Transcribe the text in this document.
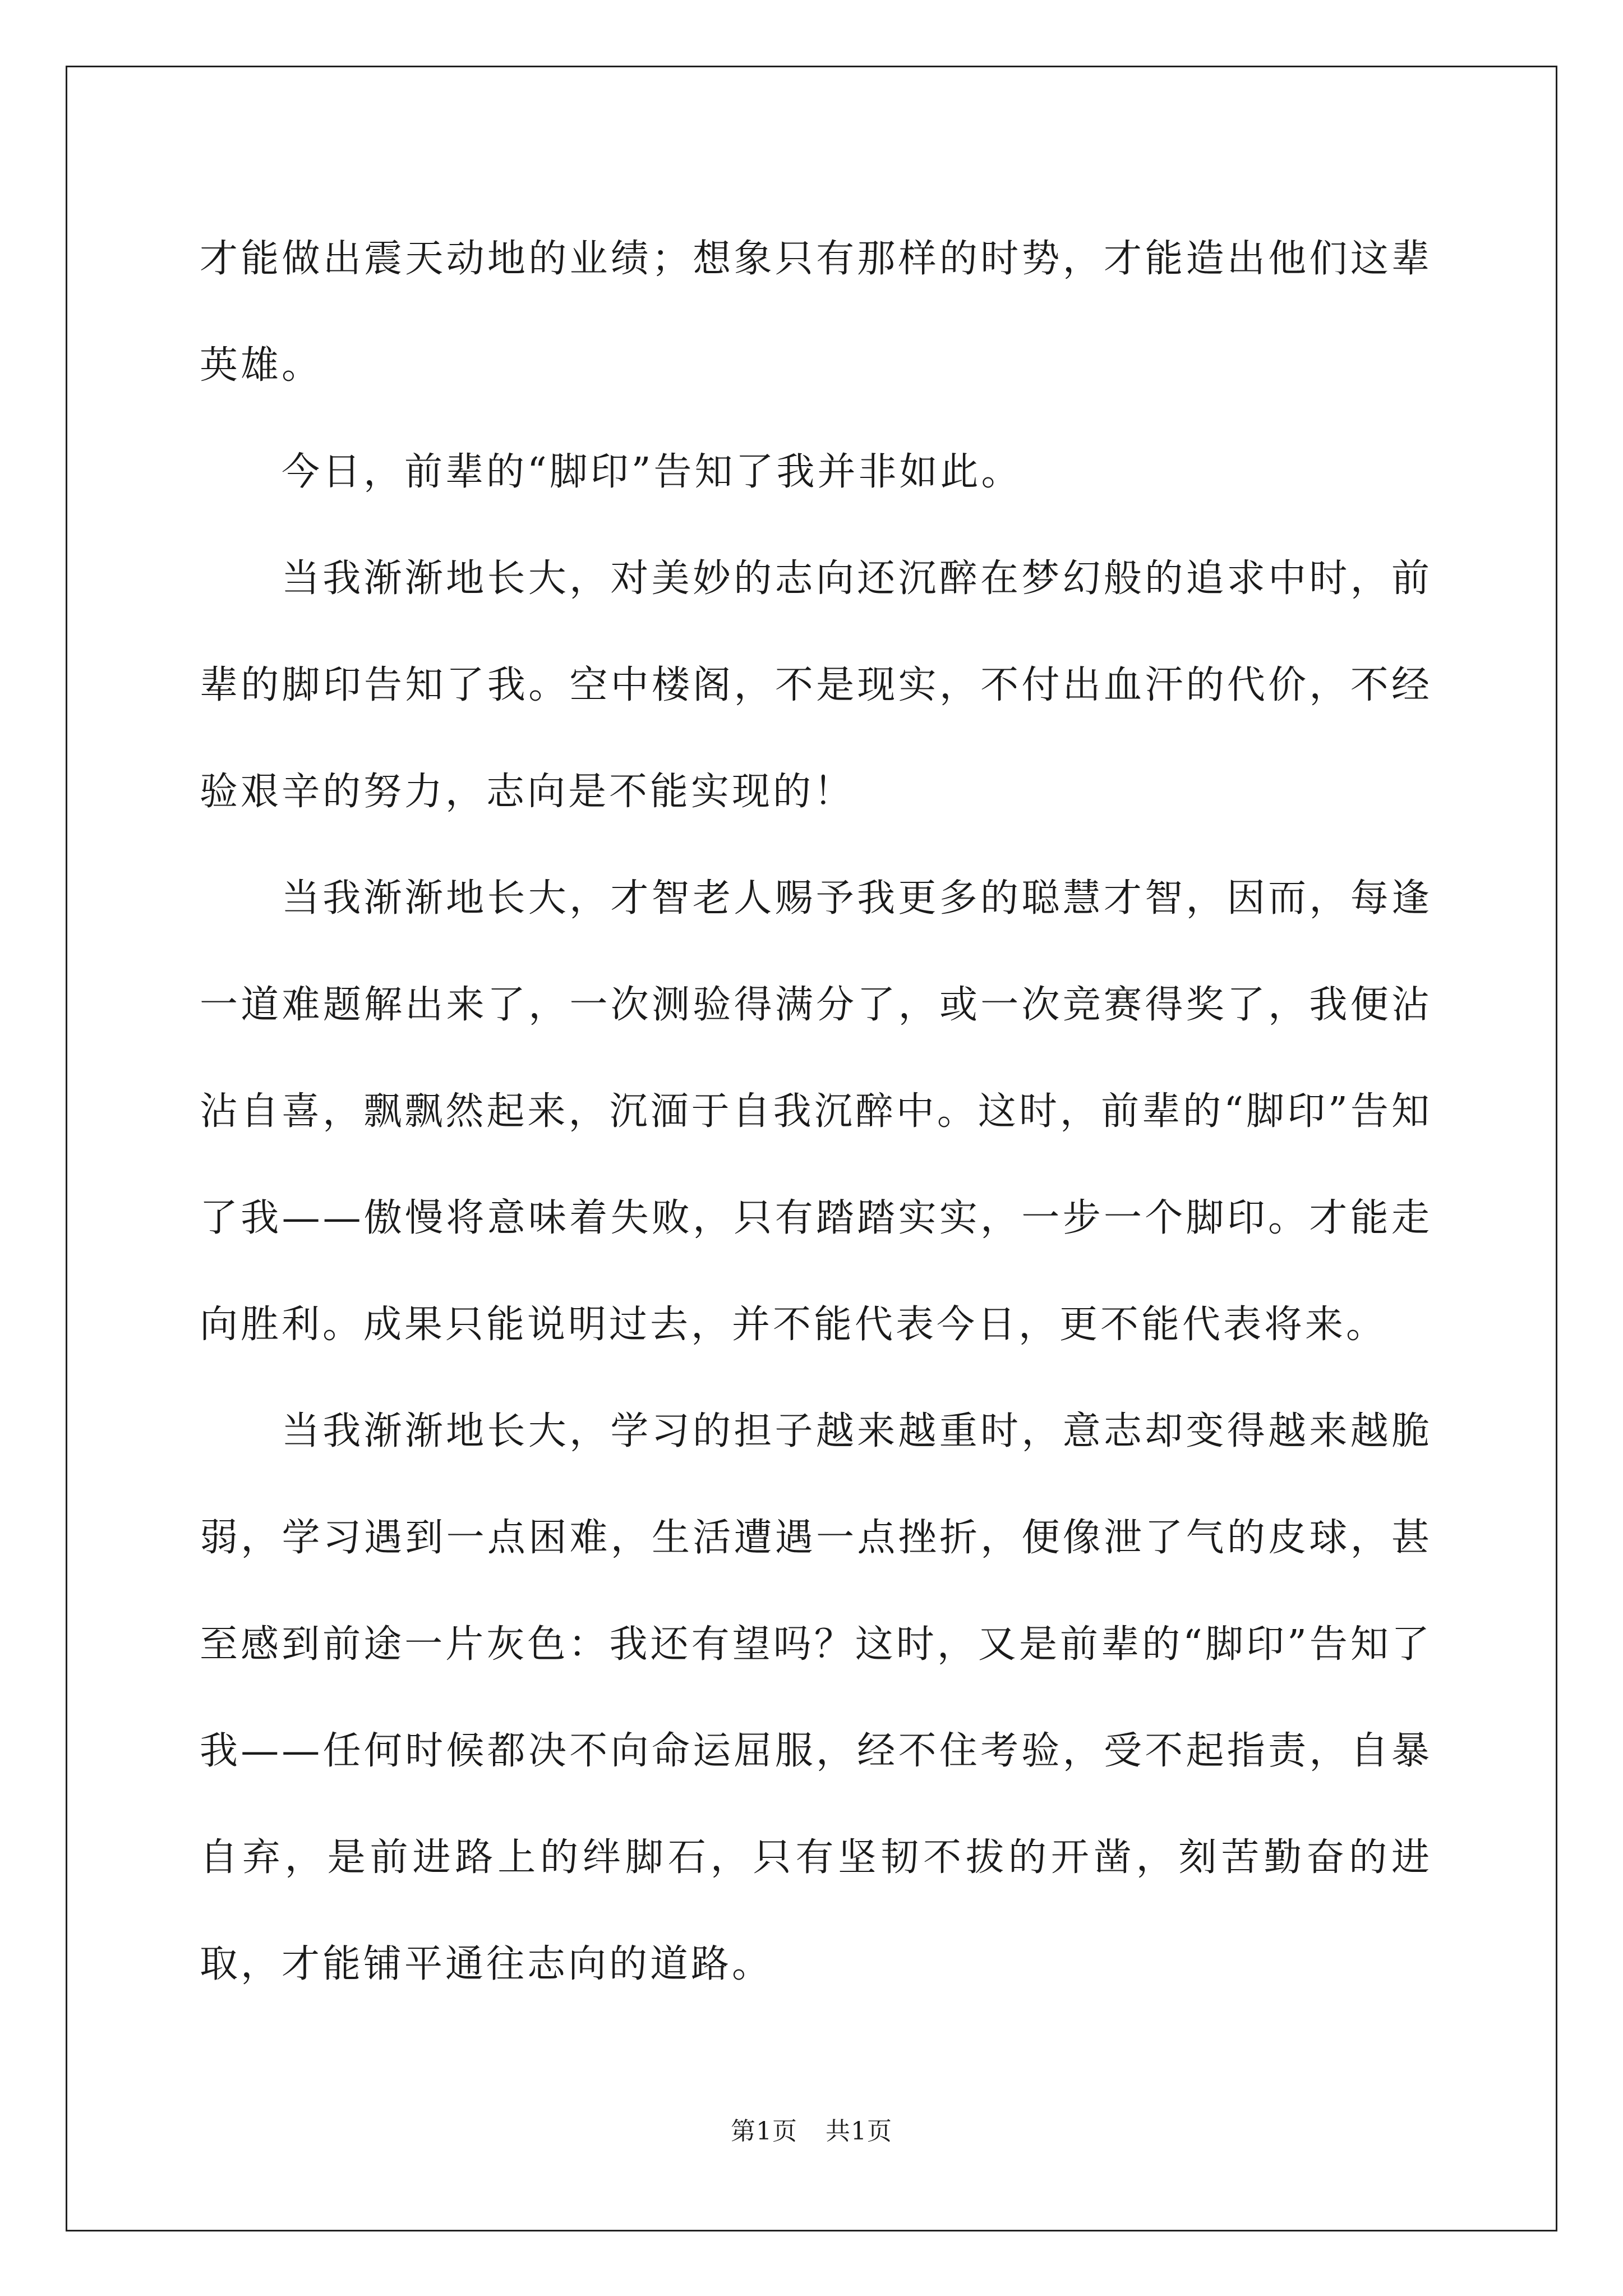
才能做出震天动地的业绩；想象只有那样的时势，才能造出他们这辈英雄。

今日，前辈的“脚印”告知了我并非如此。

当我渐渐地长大，对美妙的志向还沉醉在梦幻般的追求中时，前辈的脚印告知了我。空中楼阁，不是现实，不付出血汗的代价，不经验艰辛的努力，志向是不能实现的！

当我渐渐地长大，才智老人赐予我更多的聪慧才智，因而，每逢一道难题解出来了，一次测验得满分了，或一次竞赛得奖了，我便沾沾自喜，飘飘然起来，沉湎于自我沉醉中。这时，前辈的“脚印”告知了我——傲慢将意味着失败，只有踏踏实实，一步一个脚印。才能走向胜利。成果只能说明过去，并不能代表今日，更不能代表将来。

当我渐渐地长大，学习的担子越来越重时，意志却变得越来越脆弱，学习遇到一点困难，生活遭遇一点挫折，便像泄了气的皮球，甚至感到前途一片灰色：我还有望吗？这时，又是前辈的“脚印”告知了我——任何时候都决不向命运屈服，经不住考验，受不起指责，自暴自弃，是前进路上的绊脚石，只有坚韧不拔的开凿，刻苦勤奋的进取，才能铺平通往志向的道路。

第1页 共1页
